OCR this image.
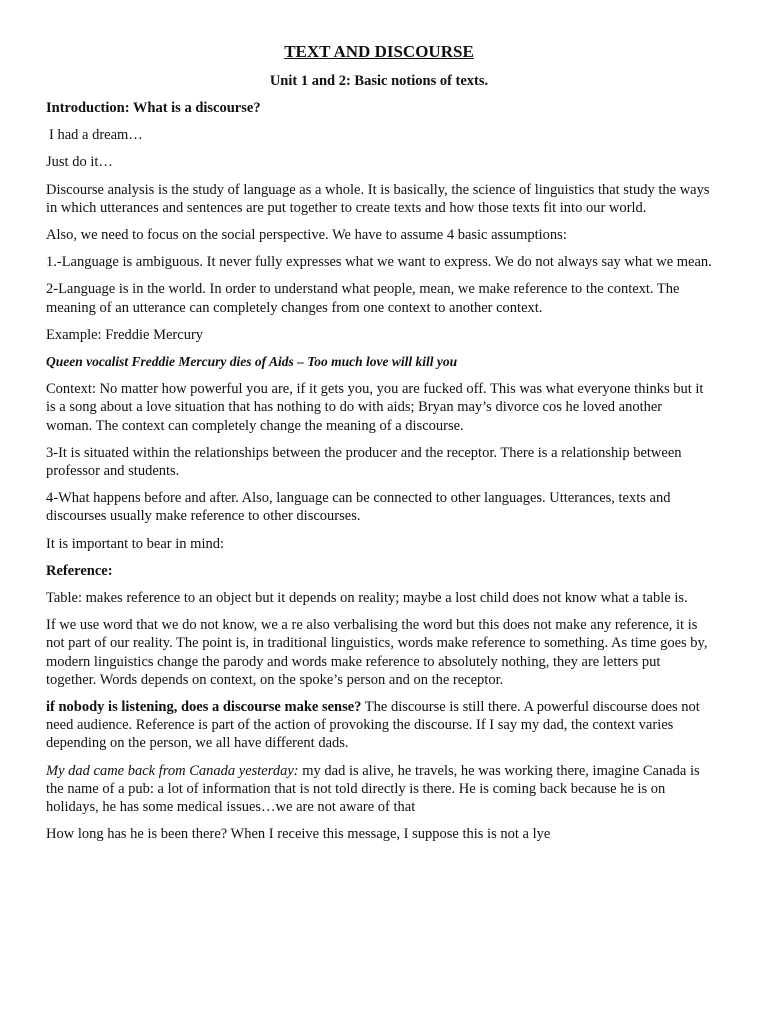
TEXT AND DISCOURSE
Unit 1 and 2: Basic notions of texts.

Introduction: What is a discourse?

I had a dream…

Just do it…

Discourse analysis is the study of language as a whole. It is basically, the science of linguistics that study the ways in which utterances and sentences are put together to create texts and how those texts fit into our world.

Also, we need to focus on the social perspective. We have to assume 4 basic assumptions:

1.-Language is ambiguous. It never fully expresses what we want to express. We do not always say what we mean.

2-Language is in the world. In order to understand what people, mean, we make reference to the context. The meaning of an utterance can completely changes from one context to another context.

Example: Freddie Mercury

Queen vocalist Freddie Mercury dies of Aids – Too much love will kill you

Context: No matter how powerful you are, if it gets you, you are fucked off. This was what everyone thinks but it is a song about a love situation that has nothing to do with aids; Bryan may’s divorce cos he loved another woman. The context can completely change the meaning of a discourse.

3-It is situated within the relationships between the producer and the receptor. There is a relationship between professor and students.

4-What happens before and after. Also, language can be connected to other languages. Utterances, texts and discourses usually make reference to other discourses.

It is important to bear in mind:

Reference:

Table: makes reference to an object but it depends on reality; maybe a lost child does not know what a table is.

If we use word that we do not know, we a re also verbalising the word but this does not make any reference, it is not part of our reality. The point is, in traditional linguistics, words make reference to something. As time goes by, modern linguistics change the parody and words make reference to absolutely nothing, they are letters put together. Words depends on context, on the spoke’s person and on the receptor.

if nobody is listening, does a discourse make sense? The discourse is still there. A powerful discourse does not need audience. Reference is part of the action of provoking the discourse. If I say my dad, the context varies depending on the person, we all have different dads.

My dad came back from Canada yesterday: my dad is alive, he travels, he was working there, imagine Canada is the name of a pub: a lot of information that is not told directly is there. He is coming back because he is on holidays, he has some medical issues…we are not aware of that

How long has he is been there? When I receive this message, I suppose this is not a lye
